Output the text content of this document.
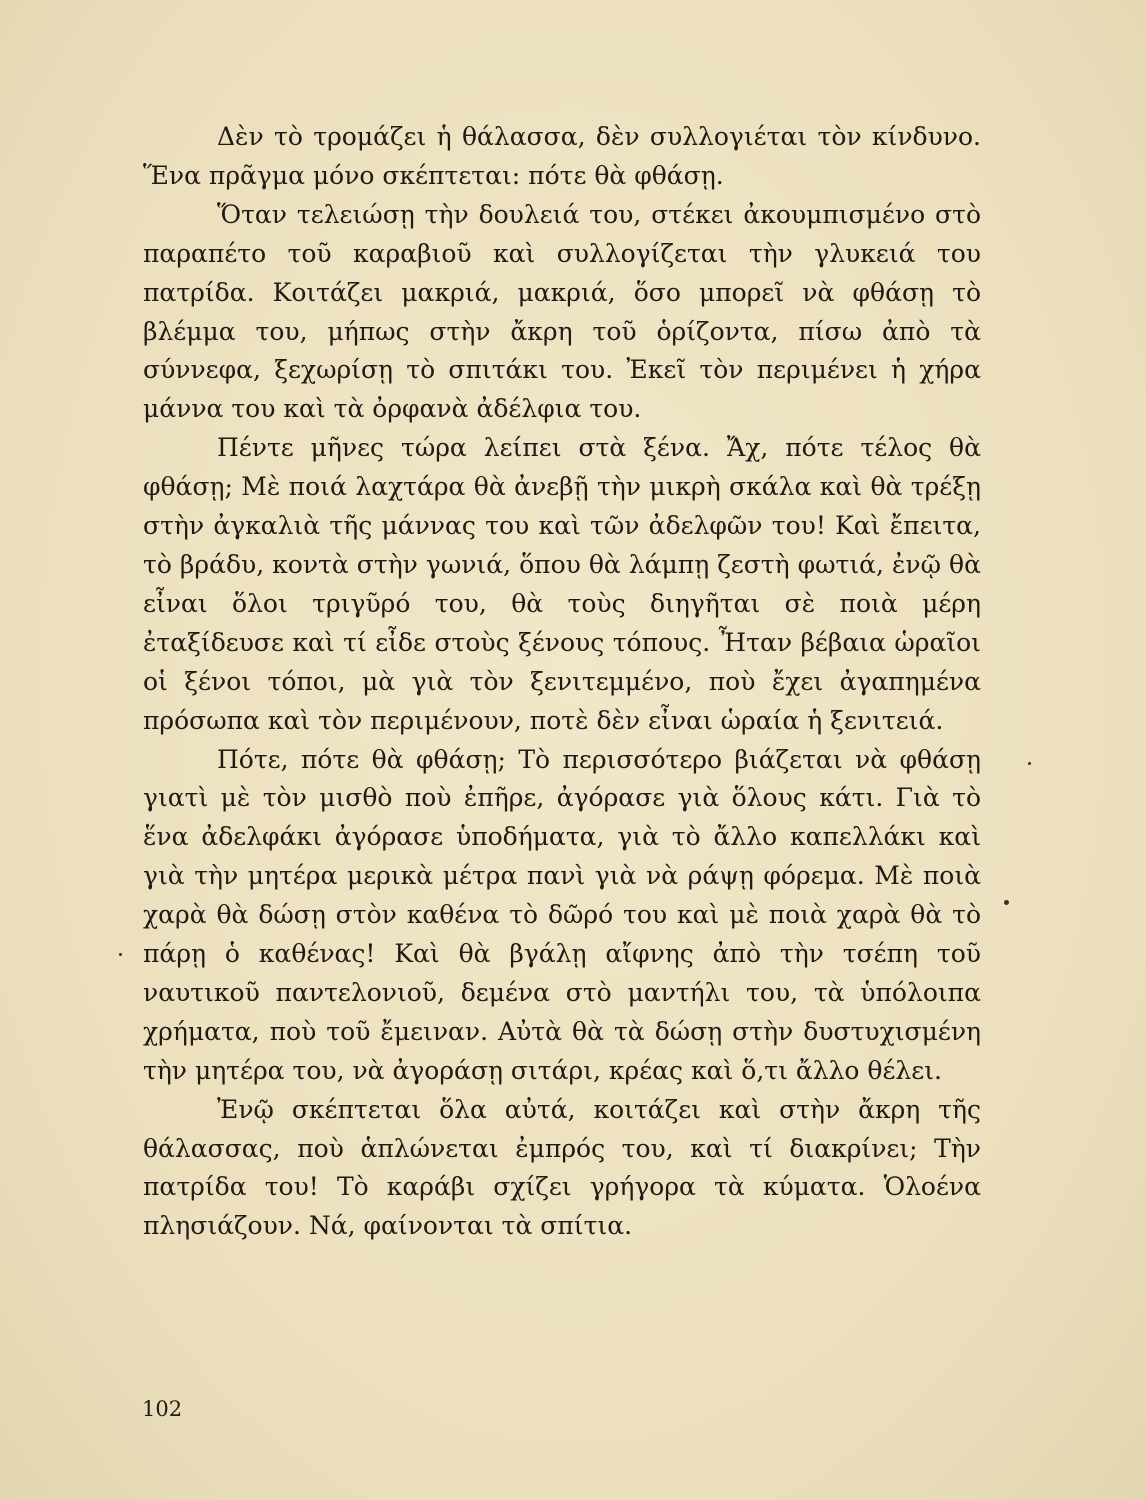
Δὲν τὸ τρομάζει ἡ θάλασσα, δὲν συλλογιέται τὸν κίνδυνο. Ἕνα πρᾶγμα μόνο σκέπτεται: πότε θὰ φθάσῃ.

Ὅταν τελειώσῃ τὴν δουλειά του, στέκει ἀκουμπισμένο στὸ παραπέτο τοῦ καραβιοῦ καὶ συλλογίζεται τὴν γλυκειά του πατρίδα. Κοιτάζει μακριά, μακριά, ὅσο μπορεῖ νὰ φθάσῃ τὸ βλέμμα του, μήπως στὴν ἄκρη τοῦ ὁρίζοντα, πίσω ἀπὸ τὰ σύννεφα, ξεχωρίσῃ τὸ σπιτάκι του. Ἐκεῖ τὸν περιμένει ἡ χήρα μάννα του καὶ τὰ ὀρφανὰ ἀδέλφια του.

Πέντε μῆνες τώρα λείπει στὰ ξένα. Ἄχ, πότε τέλος θὰ φθάσῃ; Μὲ ποιά λαχτάρα θὰ ἀνεβῇ τὴν μικρὴ σκάλα καὶ θὰ τρέξῃ στὴν ἀγκαλιὰ τῆς μάννας του καὶ τῶν ἀδελφῶν του! Καὶ ἔπειτα, τὸ βράδυ, κοντὰ στὴν γωνιά, ὅπου θὰ λάμπῃ ζεστὴ φωτιά, ἐνῷ θὰ εἶναι ὅλοι τριγῦρό του, θὰ τοὺς διηγῆται σὲ ποιὰ μέρη ἐταξίδευσε καὶ τί εἶδε στοὺς ξένους τόπους. Ἦταν βέβαια ὡραῖοι οἱ ξένοι τόποι, μὰ γιὰ τὸν ξενιτεμμένο, ποὺ ἔχει ἀγαπημένα πρόσωπα καὶ τὸν περιμένουν, ποτὲ δὲν εἶναι ὡραία ἡ ξενιτειά.

Πότε, πότε θὰ φθάσῃ; Τὸ περισσότερο βιάζεται νὰ φθάσῃ γιατὶ μὲ τὸν μισθὸ ποὺ ἐπῆρε, ἀγόρασε γιὰ ὅλους κάτι. Γιὰ τὸ ἕνα ἀδελφάκι ἀγόρασε ὑποδήματα, γιὰ τὸ ἄλλο καπελλάκι καὶ γιὰ τὴν μητέρα μερικὰ μέτρα πανὶ γιὰ νὰ ράψῃ φόρεμα. Μὲ ποιὰ χαρὰ θὰ δώσῃ στὸν καθένα τὸ δῶρό του καὶ μὲ ποιὰ χαρὰ θὰ τὸ πάρῃ ὁ καθένας! Καὶ θὰ βγάλῃ αἴφνης ἀπὸ τὴν τσέπη τοῦ ναυτικοῦ παντελονιοῦ, δεμένα στὸ μαντήλι του, τὰ ὑπόλοιπα χρήματα, ποὺ τοῦ ἔμειναν. Αὐτὰ θὰ τὰ δώσῃ στὴν δυστυχισμένη τὴν μητέρα του, νὰ ἀγοράσῃ σιτάρι, κρέας καὶ ὅ,τι ἄλλο θέλει.

Ἐνῷ σκέπτεται ὅλα αὐτά, κοιτάζει καὶ στὴν ἄκρη τῆς θάλασσας, ποὺ ἁπλώνεται ἐμπρός του, καὶ τί διακρίνει; Τὴν πατρίδα του! Τὸ καράβι σχίζει γρήγορα τὰ κύματα. Ὁλοένα πλησιάζουν. Νά, φαίνονται τὰ σπίτια.

102
